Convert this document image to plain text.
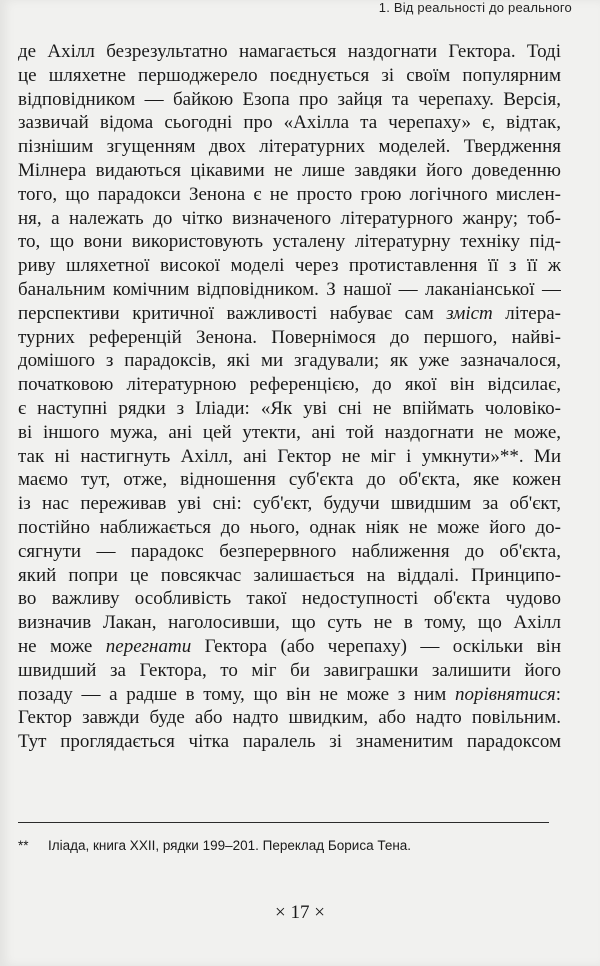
1. Від реальності до реального
де Ахілл безрезультатно намагається наздогнати Гектора. Тоді
це шляхетне першоджерело поєднується зі своїм популярним
відповідником — байкою Езопа про зайця та черепаху. Версія,
зазвичай відома сьогодні про «Ахілла та черепаху» є, відтак,
пізнішим згущенням двох літературних моделей. Твердження
Мілнера видаються цікавими не лише завдяки його доведенню
того, що парадокси Зенона є не просто грою логічного мислен-
ня, а належать до чітко визначеного літературного жанру; тоб-
то, що вони використовують усталену літературну техніку під-
риву шляхетної високої моделі через протиставлення її з її ж
банальним комічним відповідником. З нашої — лаканіанської —
перспективи критичної важливості набуває сам зміст літера-
турних референцій Зенона. Повернімося до першого, найві-
домішого з парадоксів, які ми згадували; як уже зазначалося,
початковою літературною референцією, до якої він відсилає,
є наступні рядки з Іліади: «Як уві сні не впіймать чоловіко-
ві іншого мужа, ані цей утекти, ані той наздогнати не може,
так ні настигнуть Ахілл, ані Гектор не міг і умкнути»**. Ми
маємо тут, отже, відношення суб'єкта до об'єкта, яке кожен
із нас переживав уві сні: суб'єкт, будучи швидшим за об'єкт,
постійно наближається до нього, однак ніяк не може його до-
сягнути — парадокс безперервного наближення до об'єкта,
який попри це повсякчас залишається на віддалі. Принципо-
во важливу особливість такої недоступності об'єкта чудово
визначив Лакан, наголосивши, що суть не в тому, що Ахілл
не може перегнати Гектора (або черепаху) — оскільки він
швидший за Гектора, то міг би завиграшки залишити його
позаду — а радше в тому, що він не може з ним порівнятися:
Гектор завжди буде або надто швидким, або надто повільним.
Тут проглядається чітка паралель зі знаменитим парадоксом
** Іліада, книга XXII, рядки 199–201. Переклад Бориса Тена.
× 17 ×
